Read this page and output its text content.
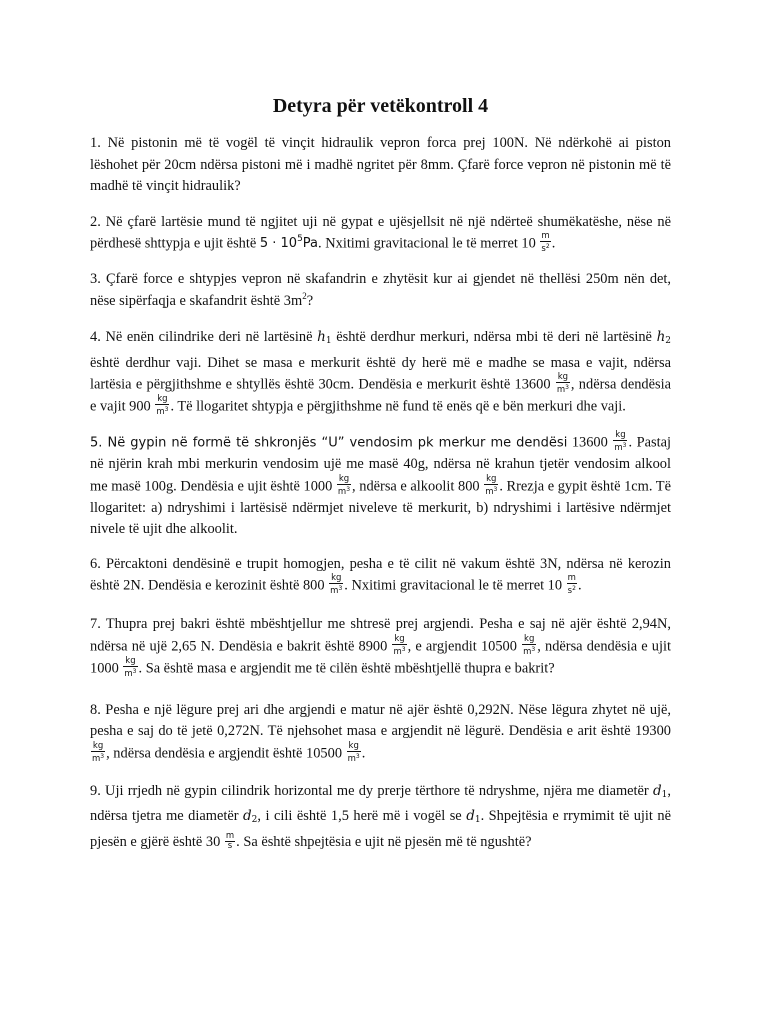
Detyra për vetëkontroll 4
1. Në pistonin më të vogël të vinçit hidraulik vepron forca prej 100N. Në ndërkohë ai piston lëshohet për 20cm ndërsa pistoni më i madhë ngritet për 8mm. Çfarë force vepron në pistonin më të madhë të vinçit hidraulik?
2. Në çfarë lartësie mund të ngjitet uji në gypat e ujësjellsit në një ndërteë shumëkatëshe, nëse në përdhesë shttypja e ujit është $5 \cdot 10^5Pa$. Nxitimi gravitacional le të merret $10 \frac{m}{s^2}$ .
3. Çfarë force e shtypjes vepron në skafandrin e zhytësit kur ai gjendet në thellësi 250m nën det, nëse sipërfaqja e skafandrit është $3m^2$?
4. Në enën cilindrike deri në lartësinë $h_1$ është derdhur merkuri, ndërsa mbi të deri në lartësinë $h_2$ është derdhur vaji. Dihet se masa e merkurit është dy herë më e madhe se masa e vajit, ndërsa lartësia e përgjithshme e shtyllës është 30cm. Dendësia e merkurit është $13600 \frac{kg}{m^3}$ , ndërsa dendësia e vajit $900 \frac{kg}{m^3}$ . Të llogaritet shtypja e përgjithshme në fund të enës që e bën merkuri dhe vaji.
5. Në gypin në formë të shkronjës “U” vendosim pk merkur me dendësi $13600 \frac{kg}{m^3}$ . Pastaj në njërin krah mbi merkurin vendosim ujë me masë 40g, ndërsa në krahun tjetër vendosim alkool me masë 100g. Dendësia e ujit është $1000 \frac{kg}{m^3}$ , ndërsa e alkoolit $800 \frac{kg}{m^3}$ . Rrezja e gypit është 1cm. Të llogaritet: a) ndryshimi i lartësisë ndërmjet niveleve të merkurit, b) ndryshimi i lartësive ndërmjet nivele të ujit dhe alkoolit.
6. Përcaktoni dendësinë e trupit homogjen, pesha e të cilit në vakum është 3N, ndërsa në kerozin është 2N. Dendësia e kerozinit është $800 \frac{kg}{m^3}$ . Nxitimi gravitacional le të merret $10 \frac{m}{s^2}$ .
7. Thupra prej bakri është mbështjellur me shtresë prej argjendi. Pesha e saj në ajër është 2,94N, ndërsa në ujë 2,65 N. Dendësia e bakrit është $8900 \frac{kg}{m^3}$ , e argjendit $10500 \frac{kg}{m^3}$ , ndërsa dendësia e ujit $1000 \frac{kg}{m^3}$ . Sa është masa e argjendit me të cilën është mbështjellë thupra e bakrit?
8. Pesha e një lëgure prej ari dhe argjendi e matur në ajër është 0,292N. Nëse lëgura zhytet në ujë, pesha e saj do të jetë 0,272N. Të njehsohet masa e argjendit në lëgurë. Dendësia e arit është 19300
$\frac{kg}{m^3}$ , ndërsa dendësia e argjendit është $10500 \frac{kg}{m^3}$ .
9. Uji rrjedh në gypin cilindrik horizontal me dy prerje tërthore të ndryshme, njëra me diametër $d_1$, ndërsa tjetra me diametër $d_2$, i cili është 1,5 herë më i vogël se $d_1$. Shpejtësia e rrymimit të ujit në pjesën e gjërë është $30 \frac{m}{s}$ . Sa është shpejtësia e ujit në pjesën më të ngushtë?
